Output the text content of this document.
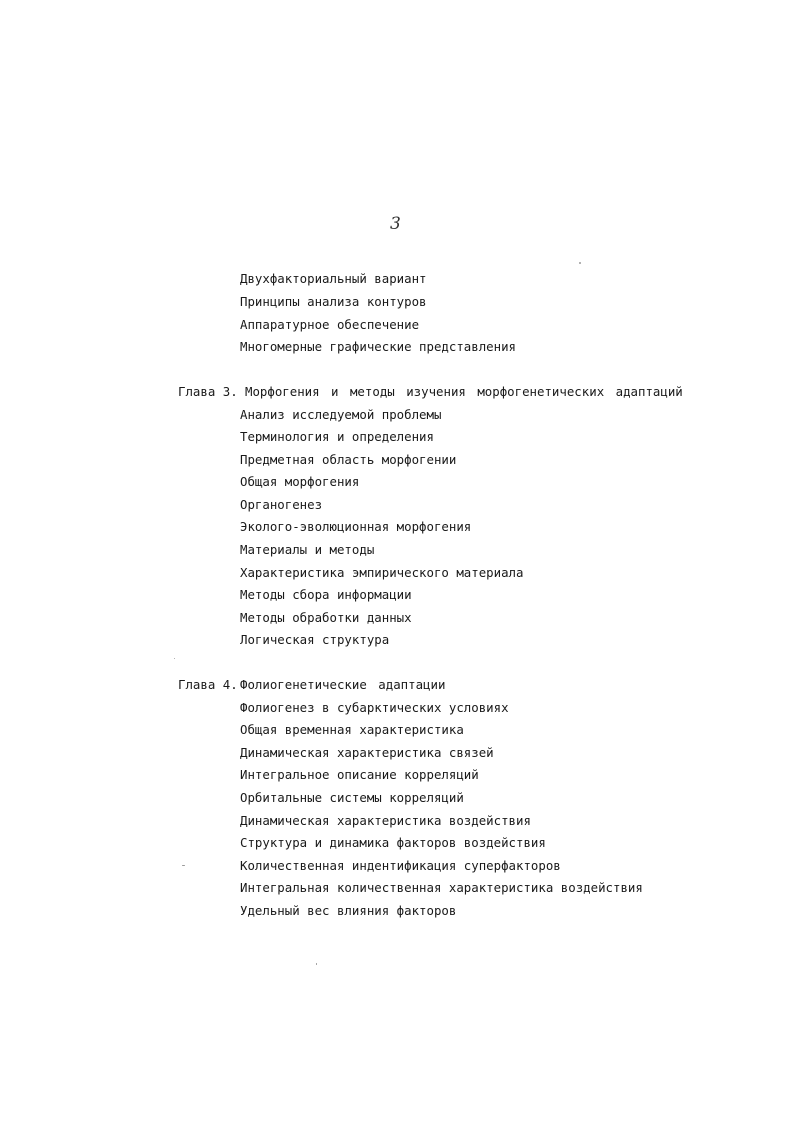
3
Двухфакториальный вариант
Принципы анализа контуров
Аппаратурное обеспечение
Многомерные графические представления
Глава 3. Морфогения и методы изучения морфогенетических адаптаций
Анализ исследуемой проблемы
Терминология и определения
Предметная область морфогении
Общая морфогения
Органогенез
Эколого-эволюционная морфогения
Материалы и методы
Характеристика эмпирического материала
Методы сбора информации
Методы обработки данных
Логическая структура
Глава 4. Фолиогенетические адаптации
Фолиогенез в субарктических условиях
Общая временная характеристика
Динамическая характеристика связей
Интегральное описание корреляций
Орбитальные системы корреляций
Динамическая характеристика воздействия
Структура и динамика факторов воздействия
Количественная индентификация суперфакторов
Интегральная количественная характеристика воздействия
Удельный вес влияния факторов
